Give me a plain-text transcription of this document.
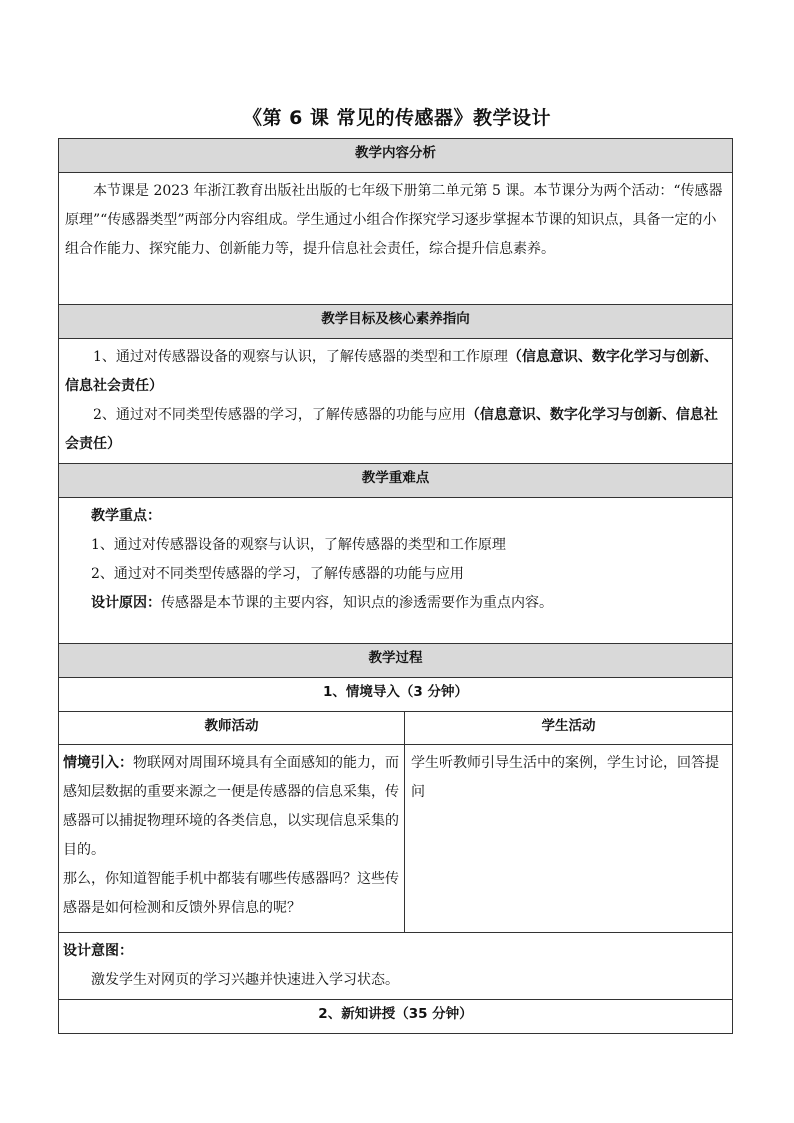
《第 6 课 常见的传感器》教学设计
教学内容分析	

本节课是 2023 年浙江教育出版社出版的七年级下册第二单元第 5 课。本节课分为两个活动：“传感器原理”“传感器类型”两部分内容组成。学生通过小组合作探究学习逐步掌握本节课的知识点，具备一定的小组合作能力、探究能力、创新能力等，提升信息社会责任，综合提升信息素养。	

教学目标及核心素养指向	

1、通过对传感器设备的观察与认识，了解传感器的类型和工作原理（信息意识、数字化学习与创新、信息社会责任）

2、通过对不同类型传感器的学习，了解传感器的功能与应用（信息意识、数字化学习与创新、信息社会责任）	

教学重难点	

教学重点：

1、通过对传感器设备的观察与认识，了解传感器的类型和工作原理

2、通过对不同类型传感器的学习，了解传感器的功能与应用

设计原因：传感器是本节课的主要内容，知识点的渗透需要作为重点内容。	

教学过程	
1、情境导入（3 分钟）	
教师活动	学生活动

情境引入：物联网对周围环境具有全面感知的能力，而感知层数据的重要来源之一便是传感器的信息采集，传感器可以捕捉物理环境的各类信息，以实现信息采集的目的。

那么，你知道智能手机中都装有哪些传感器吗？这些传感器是如何检测和反馈外界信息的呢？	学生听教师引导生活中的案例，学生讨论，回答提问

设计意图：

激发学生对网页的学习兴趣并快速进入学习状态。	

2、新知讲授（35 分钟）	
